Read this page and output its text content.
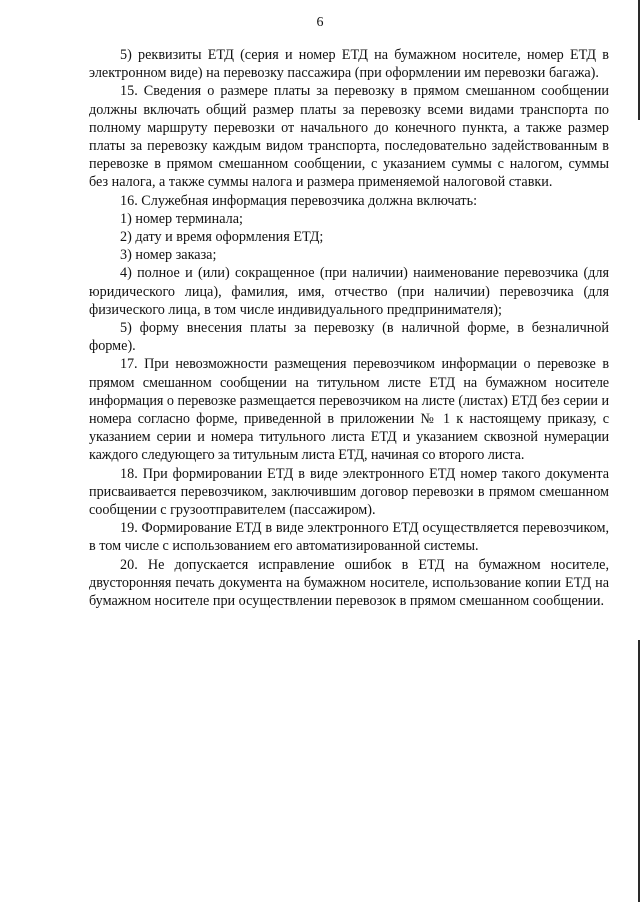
6

5) реквизиты ЕТД (серия и номер ЕТД на бумажном носителе, номер ЕТД в электронном виде) на перевозку пассажира (при оформлении им перевозки багажа).

15. Сведения о размере платы за перевозку в прямом смешанном сообщении должны включать общий размер платы за перевозку всеми видами транспорта по полному маршруту перевозки от начального до конечного пункта, а также размер платы за перевозку каждым видом транспорта, последовательно задействованным в перевозке в прямом смешанном сообщении, с указанием суммы с налогом, суммы без налога, а также суммы налога и размера применяемой налоговой ставки.

16. Служебная информация перевозчика должна включать:

1) номер терминала;

2) дату и время оформления ЕТД;

3) номер заказа;

4) полное и (или) сокращенное (при наличии) наименование перевозчика (для юридического лица), фамилия, имя, отчество (при наличии) перевозчика (для физического лица, в том числе индивидуального предпринимателя);

5) форму внесения платы за перевозку (в наличной форме, в безналичной форме).

17. При невозможности размещения перевозчиком информации о перевозке в прямом смешанном сообщении на титульном листе ЕТД на бумажном носителе информация о перевозке размещается перевозчиком на листе (листах) ЕТД без серии и номера согласно форме, приведенной в приложении № 1 к настоящему приказу, с указанием серии и номера титульного листа ЕТД и указанием сквозной нумерации каждого следующего за титульным листа ЕТД, начиная со второго листа.

18. При формировании ЕТД в виде электронного ЕТД номер такого документа присваивается перевозчиком, заключившим договор перевозки в прямом смешанном сообщении с грузоотправителем (пассажиром).

19. Формирование ЕТД в виде электронного ЕТД осуществляется перевозчиком, в том числе с использованием его автоматизированной системы.

20. Не допускается исправление ошибок в ЕТД на бумажном носителе, двусторонняя печать документа на бумажном носителе, использование копии ЕТД на бумажном носителе при осуществлении перевозок в прямом смешанном сообщении.
